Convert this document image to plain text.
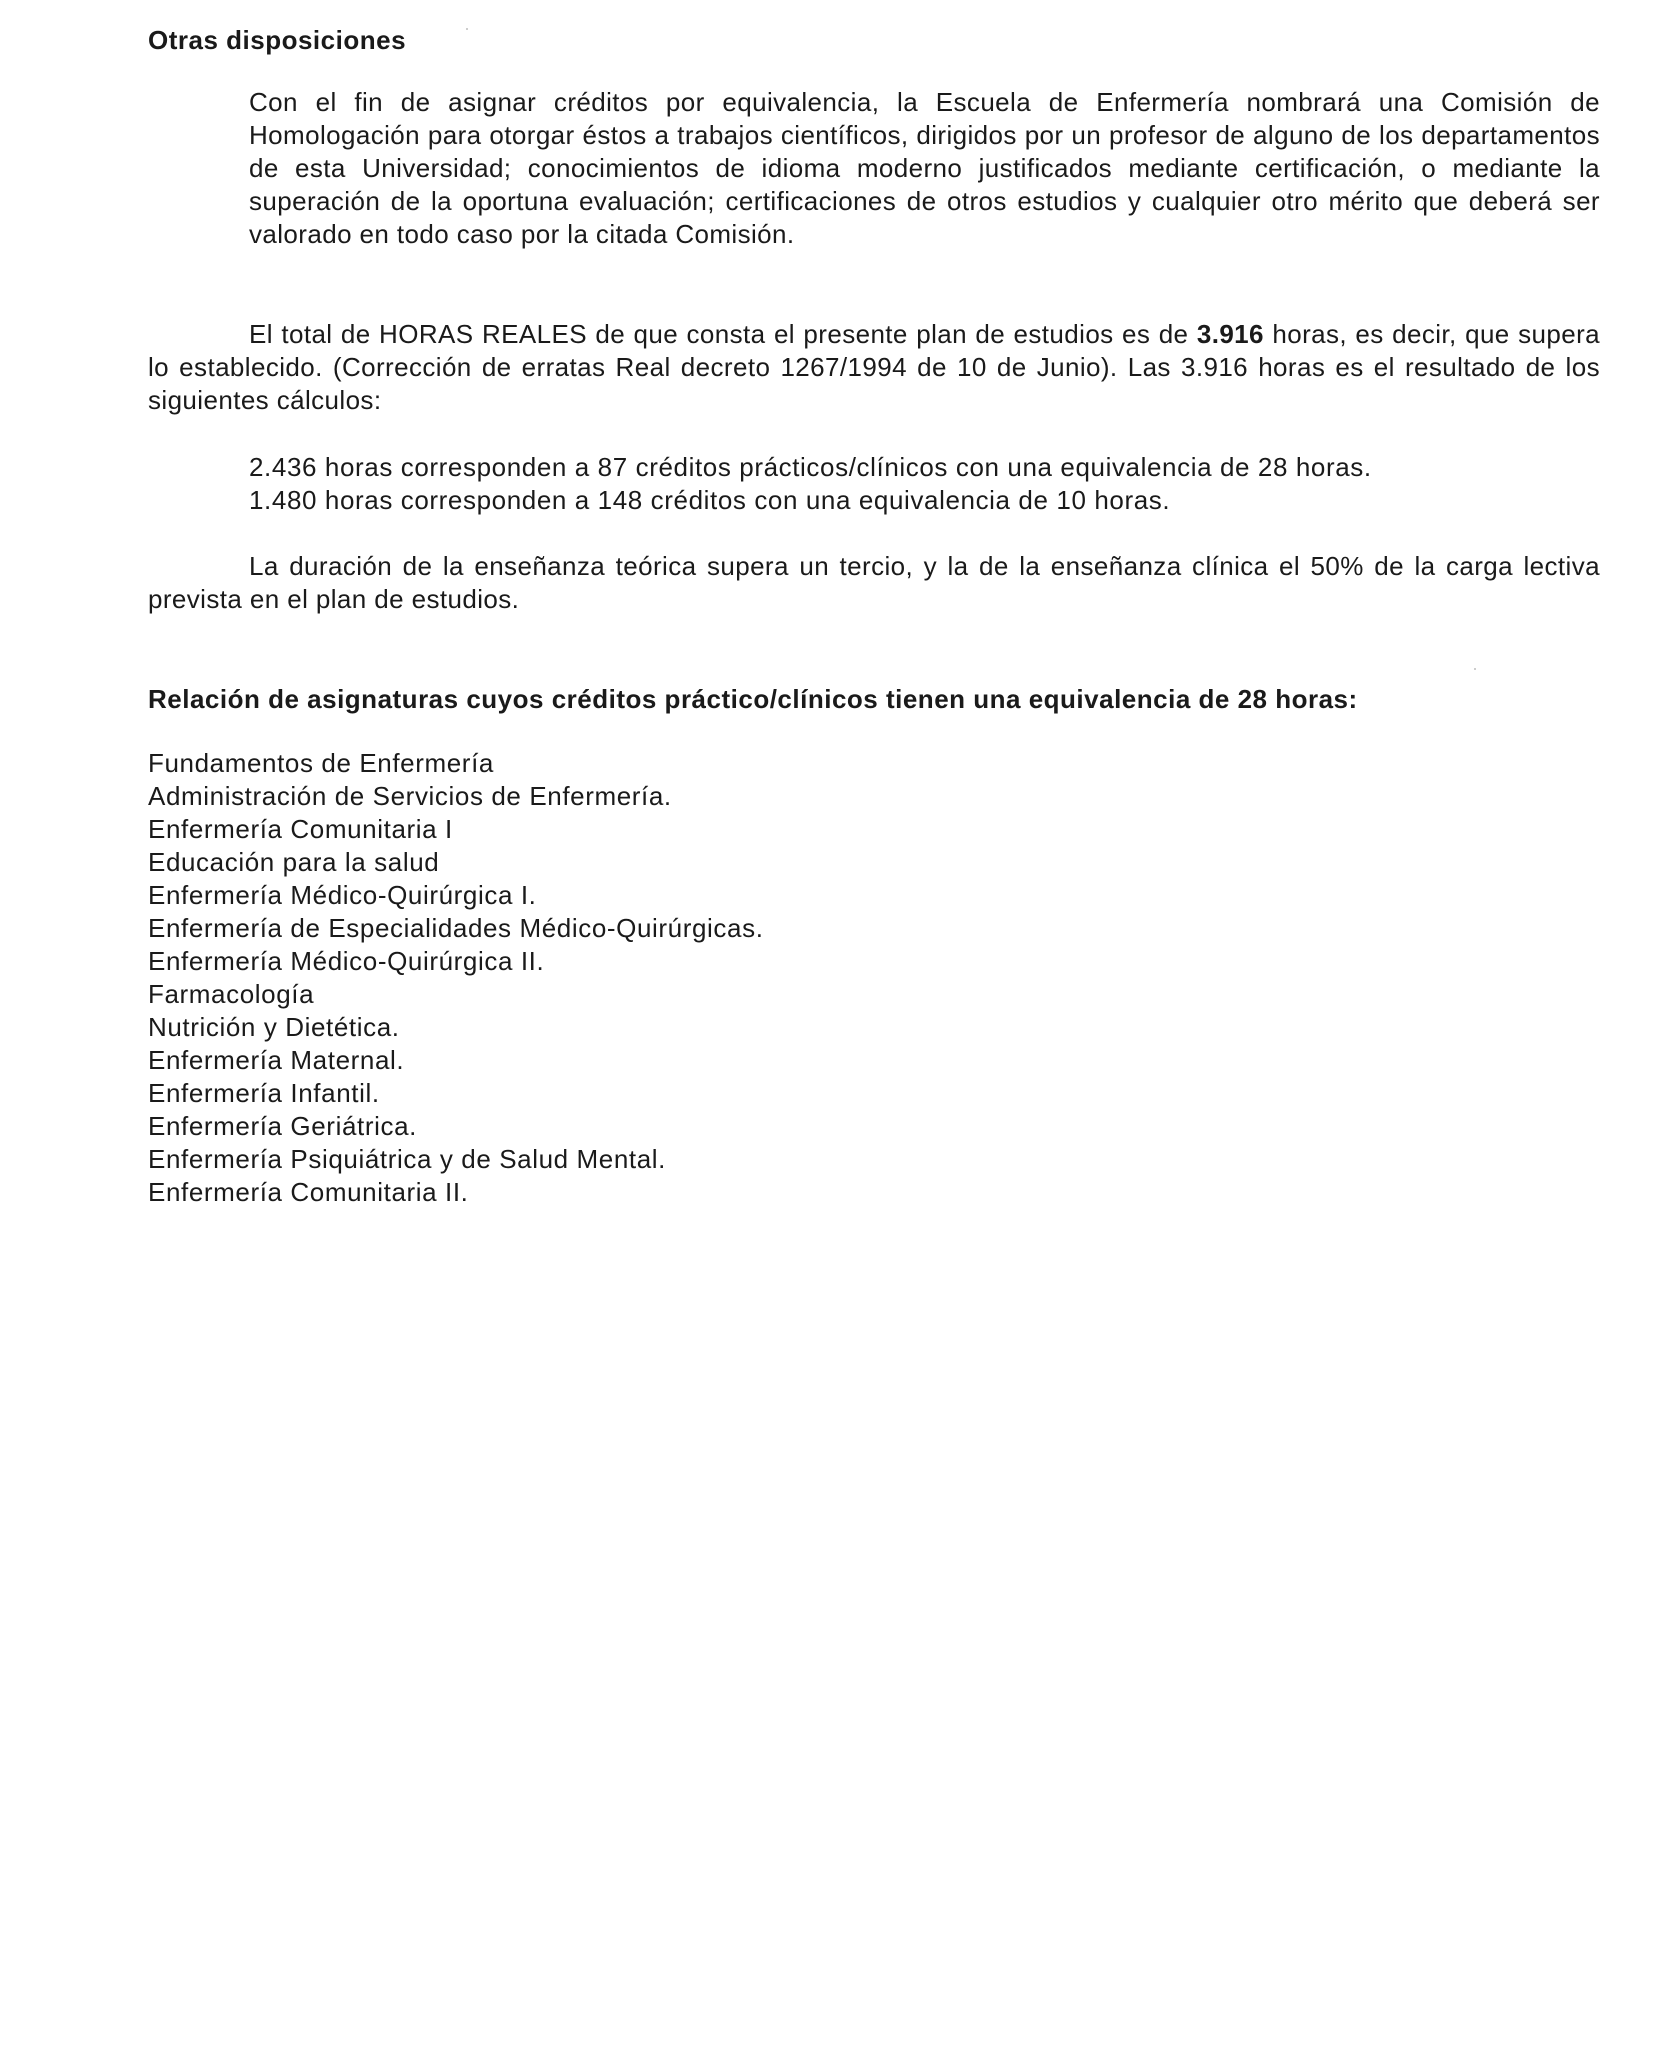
Otras disposiciones

Con el fin de asignar créditos por equivalencia, la Escuela de Enfermería nombrará una Comisión de Homologación para otorgar éstos a trabajos científicos, dirigidos por un profesor de alguno de los departamentos de esta Universidad; conocimientos de idioma moderno justificados mediante certificación, o mediante la superación de la oportuna evaluación; certificaciones de otros estudios y cualquier otro mérito que deberá ser valorado en todo caso por la citada Comisión.

El total de HORAS REALES de que consta el presente plan de estudios es de 3.916 horas, es decir, que supera lo establecido. (Corrección de erratas Real decreto 1267/1994 de 10 de Junio). Las 3.916 horas es el resultado de los siguientes cálculos:

2.436 horas corresponden a 87 créditos prácticos/clínicos con una equivalencia de 28 horas.
1.480 horas corresponden a 148 créditos con una equivalencia de 10 horas.

La duración de la enseñanza teórica supera un tercio, y la de la enseñanza clínica el 50% de la carga lectiva prevista en el plan de estudios.

Relación de asignaturas cuyos créditos práctico/clínicos tienen una equivalencia de 28 horas:
Fundamentos de Enfermería
Administración de Servicios de Enfermería.
Enfermería Comunitaria I
Educación para la salud
Enfermería Médico-Quirúrgica I.
Enfermería de Especialidades Médico-Quirúrgicas.
Enfermería Médico-Quirúrgica II.
Farmacología
Nutrición y Dietética.
Enfermería Maternal.
Enfermería Infantil.
Enfermería Geriátrica.
Enfermería Psiquiátrica y de Salud Mental.
Enfermería Comunitaria II.
